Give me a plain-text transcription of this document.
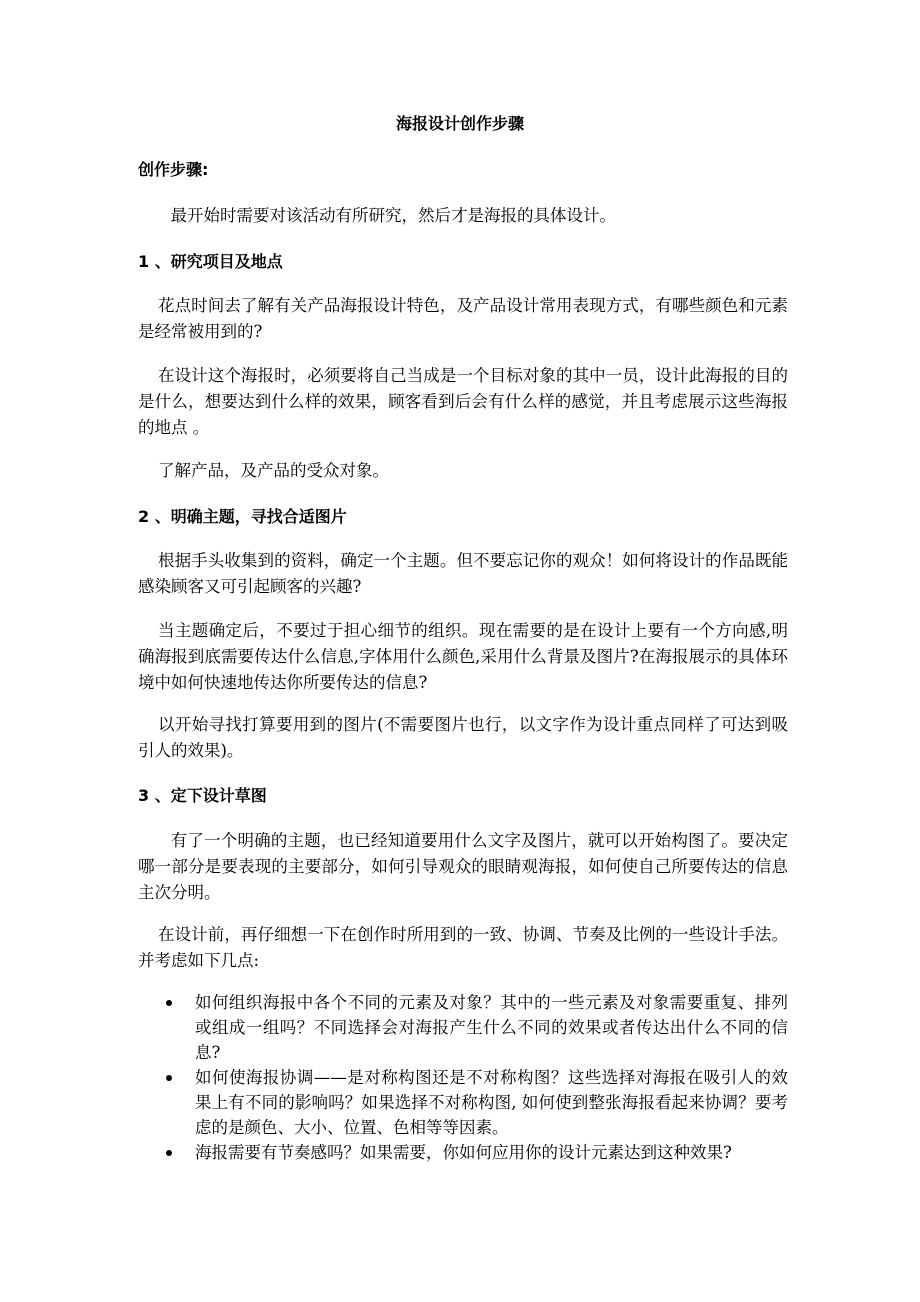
海报设计创作步骤
创作步骤:
　最开始时需要对该活动有所研究，然后才是海报的具体设计。
1 、研究项目及地点
花点时间去了解有关产品海报设计特色，及产品设计常用表现方式，有哪些颜色和元素是经常被用到的?
在设计这个海报时，必须要将自己当成是一个目标对象的其中一员，设计此海报的目的是什么，想要达到什么样的效果，顾客看到后会有什么样的感觉，并且考虑展示这些海报的地点 。
了解产品，及产品的受众对象。
2 、明确主题，寻找合适图片
根据手头收集到的资料，确定一个主题。但不要忘记你的观众！如何将设计的作品既能感染顾客又可引起顾客的兴趣?
当主题确定后，不要过于担心细节的组织。现在需要的是在设计上要有一个方向感,明确海报到底需要传达什么信息,字体用什么颜色,采用什么背景及图片?在海报展示的具体环境中如何快速地传达你所要传达的信息?
以开始寻找打算要用到的图片(不需要图片也行，以文字作为设计重点同样了可达到吸引人的效果)。
3 、定下设计草图
　有了一个明确的主题，也已经知道要用什么文字及图片，就可以开始构图了。要决定哪一部分是要表现的主要部分，如何引导观众的眼睛观海报，如何使自己所要传达的信息主次分明。
在设计前，再仔细想一下在创作时所用到的一致、协调、节奏及比例的一些设计手法。并考虑如下几点:
如何组织海报中各个不同的元素及对象？其中的一些元素及对象需要重复、排列或组成一组吗？不同选择会对海报产生什么不同的效果或者传达出什么不同的信息?
如何使海报协调——是对称构图还是不对称构图？这些选择对海报在吸引人的效果上有不同的影响吗？如果选择不对称构图, 如何使到整张海报看起来协调？要考虑的是颜色、大小、位置、色相等等因素。
海报需要有节奏感吗？如果需要，你如何应用你的设计元素达到这种效果?
